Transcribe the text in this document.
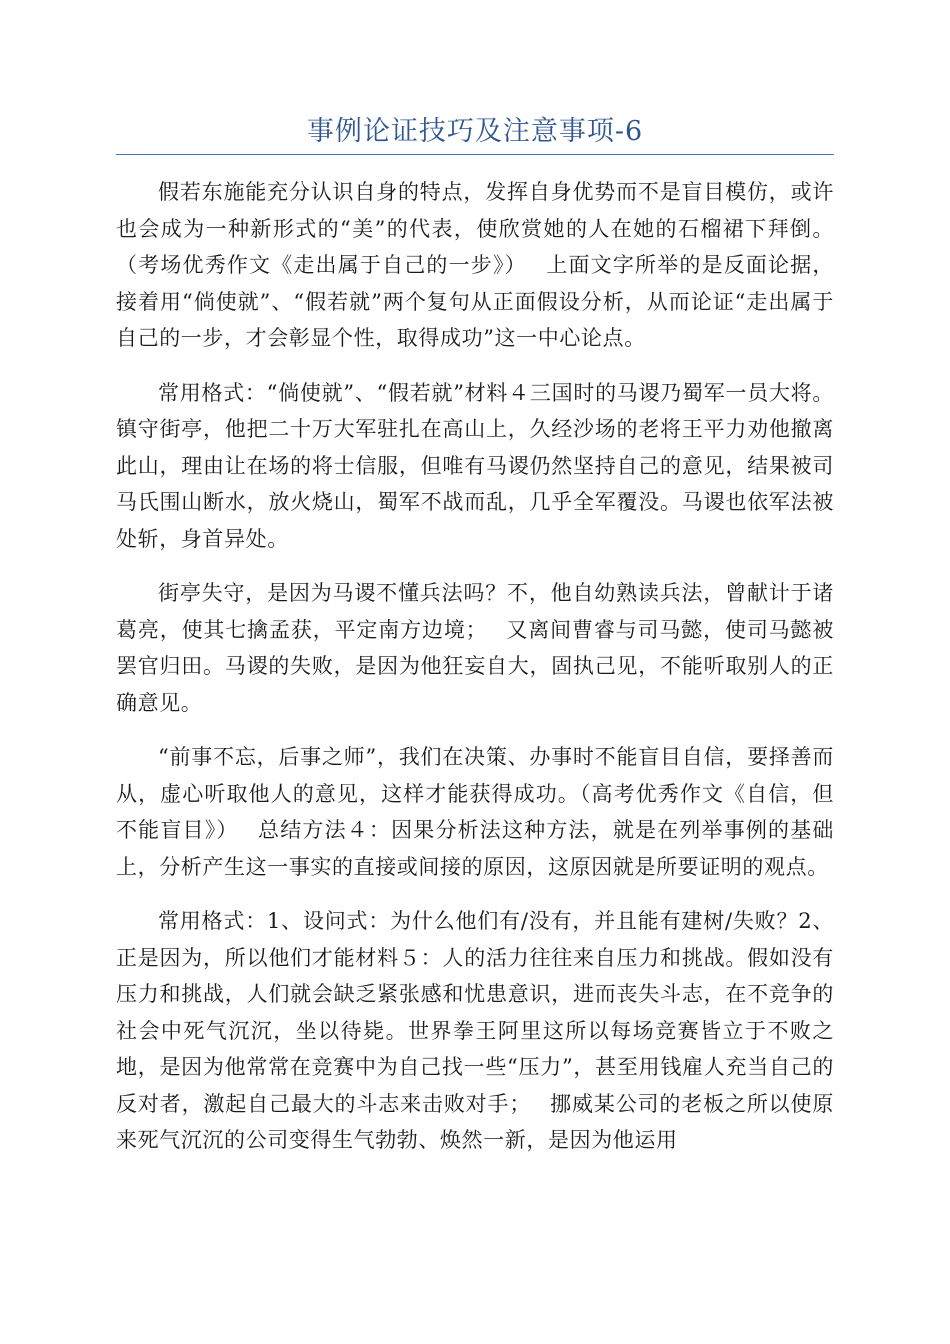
事例论证技巧及注意事项-6

假若东施能充分认识自身的特点，发挥自身优势而不是盲目模仿，或许也会成为一种新形式的“美”的代表，使欣赏她的人在她的石榴裙下拜倒。（考场优秀作文《走出属于自己的一步》）　 上面文字所举的是反面论据，接着用“倘使就”、“假若就”两个复句从正面假设分析，从而论证“走出属于自己的一步，才会彰显个性，取得成功”这一中心论点。

常用格式：“倘使就”、“假若就”材料４三国时的马谡乃蜀军一员大将。镇守街亭，他把二十万大军驻扎在高山上，久经沙场的老将王平力劝他撤离此山，理由让在场的将士信服，但唯有马谡仍然坚持自己的意见，结果被司马氏围山断水，放火烧山，蜀军不战而乱，几乎全军覆没。马谡也依军法被处斩，身首异处。

街亭失守，是因为马谡不懂兵法吗？不，他自幼熟读兵法，曾献计于诸葛亮，使其七擒孟获，平定南方边境；　 又离间曹睿与司马懿，使司马懿被罢官归田。马谡的失败，是因为他狂妄自大，固执己见，不能听取别人的正确意见。

“前事不忘，后事之师”，我们在决策、办事时不能盲目自信，要择善而从，虚心听取他人的意见，这样才能获得成功。（高考优秀作文《自信，但不能盲目》）　 总结方法４：因果分析法这种方法，就是在列举事例的基础上，分析产生这一事实的直接或间接的原因，这原因就是所要证明的观点。

常用格式：1、设问式：为什么他们有/没有，并且能有建树/失败？2、正是因为，所以他们才能材料５：人的活力往往来自压力和挑战。假如没有压力和挑战，人们就会缺乏紧张感和忧患意识，进而丧失斗志，在不竞争的社会中死气沉沉，坐以待毙。世界拳王阿里这所以每场竞赛皆立于不败之地，是因为他常常在竞赛中为自己找一些“压力”，甚至用钱雇人充当自己的反对者，激起自己最大的斗志来击败对手；　 挪威某公司的老板之所以使原来死气沉沉的公司变得生气勃勃、焕然一新，是因为他运用
